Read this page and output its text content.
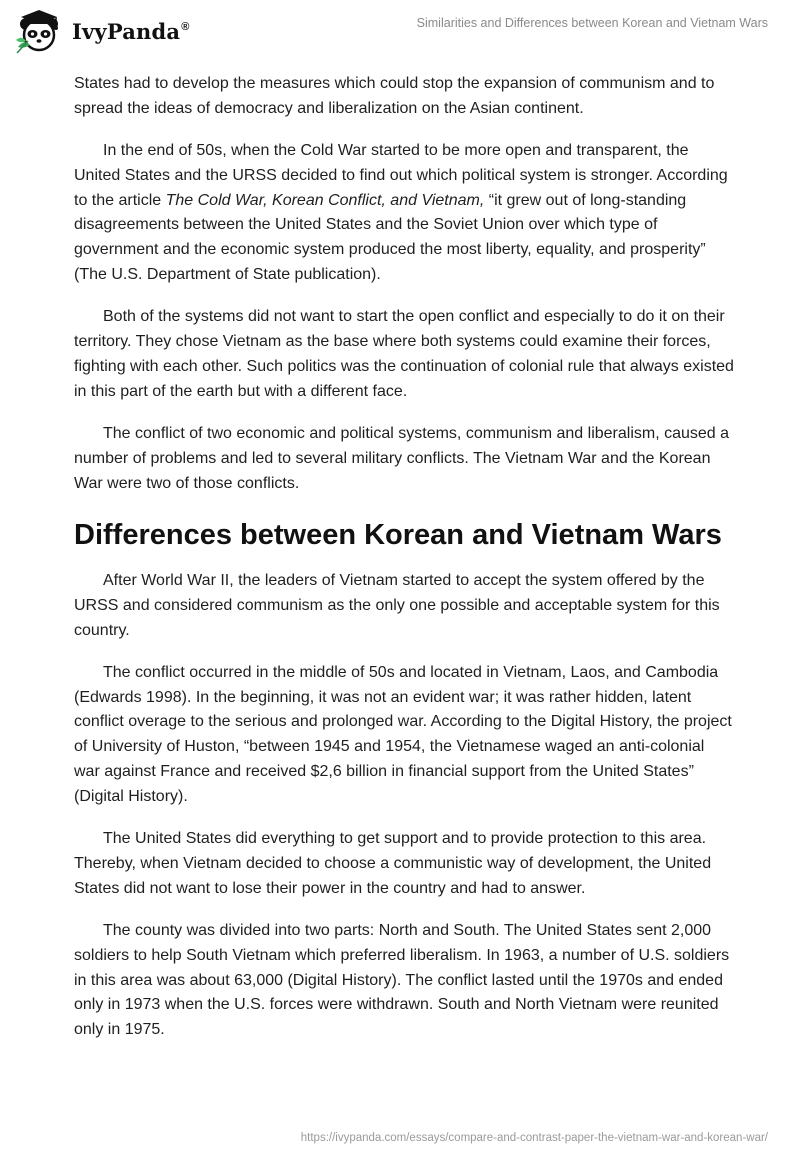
IvyPanda®	Similarities and Differences between Korean and Vietnam Wars

States had to develop the measures which could stop the expansion of communism and to spread the ideas of democracy and liberalization on the Asian continent.

In the end of 50s, when the Cold War started to be more open and transparent, the United States and the URSS decided to find out which political system is stronger. According to the article The Cold War, Korean Conflict, and Vietnam, “it grew out of long-standing disagreements between the United States and the Soviet Union over which type of government and the economic system produced the most liberty, equality, and prosperity” (The U.S. Department of State publication).

Both of the systems did not want to start the open conflict and especially to do it on their territory. They chose Vietnam as the base where both systems could examine their forces, fighting with each other. Such politics was the continuation of colonial rule that always existed in this part of the earth but with a different face.

The conflict of two economic and political systems, communism and liberalism, caused a number of problems and led to several military conflicts. The Vietnam War and the Korean War were two of those conflicts.

Differences between Korean and Vietnam Wars

After World War II, the leaders of Vietnam started to accept the system offered by the URSS and considered communism as the only one possible and acceptable system for this country.

The conflict occurred in the middle of 50s and located in Vietnam, Laos, and Cambodia (Edwards 1998). In the beginning, it was not an evident war; it was rather hidden, latent conflict overage to the serious and prolonged war. According to the Digital History, the project of University of Huston, “between 1945 and 1954, the Vietnamese waged an anti-colonial war against France and received $2,6 billion in financial support from the United States” (Digital History).

The United States did everything to get support and to provide protection to this area. Thereby, when Vietnam decided to choose a communistic way of development, the United States did not want to lose their power in the country and had to answer.

The county was divided into two parts: North and South. The United States sent 2,000 soldiers to help South Vietnam which preferred liberalism. In 1963, a number of U.S. soldiers in this area was about 63,000 (Digital History). The conflict lasted until the 1970s and ended only in 1973 when the U.S. forces were withdrawn. South and North Vietnam were reunited only in 1975.

https://ivypanda.com/essays/compare-and-contrast-paper-the-vietnam-war-and-korean-war/
